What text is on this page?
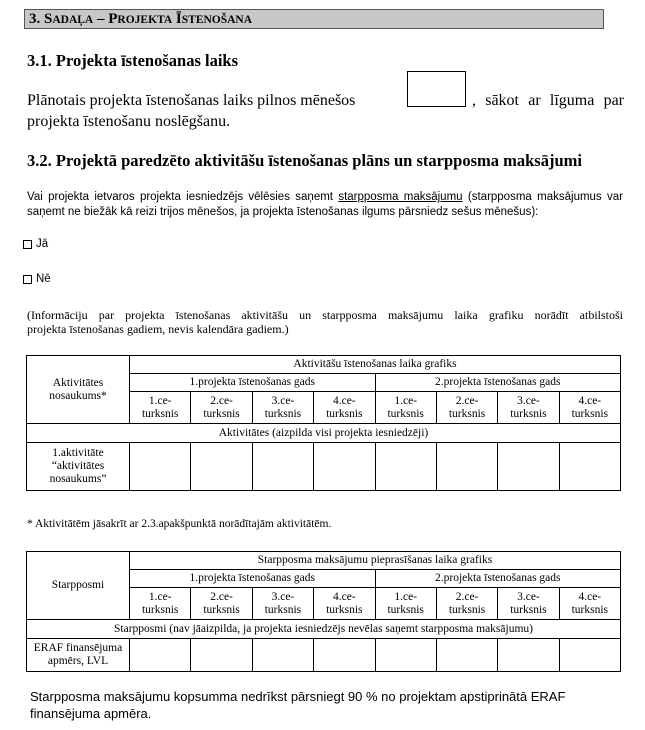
3. SADAĻA – PROJEKTA ĪSTENOŠANA
3.1. Projekta īstenošanas laiks
Plānotais projekta īstenošanas laiks pilnos mēnešos	, sākot ar līguma par
projekta īstenošanu noslēgšanu.
3.2. Projektā paredzēto aktivitāšu īstenošanas plāns un starpposma maksājumi
Vai projekta ietvaros projekta iesniedzējs vēlēsies saņemt starpposma maksājumu (starpposma maksājumus var
saņemt ne biežāk kā reizi trijos mēnešos, ja projekta īstenošanas ilgums pārsniedz sešus mēnešus):
Jā
Nē
(Informāciju par projekta īstenošanas aktivitāšu un starpposma maksājumu laika grafiku norādīt atbilstoši
projekta īstenošanas gadiem, nevis kalendāra gadiem.)
Aktivitātes
nosaukums*	Aktivitāšu īstenošanas laika grafiks							
	1.projekta īstenošanas gads				2.projekta īstenošanas gads			
	1.ce-
turksnis	2.ce-
turksnis	3.ce-
turksnis	4.ce-
turksnis	1.ce-
turksnis	2.ce-
turksnis	3.ce-
turksnis	4.ce-
turksnis
Aktivitātes (aizpilda visi projekta iesniedzēji)								
1.aktivitāte
“aktivitātes
nosaukums”								
* Aktivitātēm jāsakrīt ar 2.3.apakšpunktā norādītajām aktivitātēm.
Starpposmi	Starpposma maksājumu pieprasīšanas laika grafiks							
	1.projekta īstenošanas gads				2.projekta īstenošanas gads			
	1.ce-
turksnis	2.ce-
turksnis	3.ce-
turksnis	4.ce-
turksnis	1.ce-
turksnis	2.ce-
turksnis	3.ce-
turksnis	4.ce-
turksnis
Starpposmi (nav jāaizpilda, ja projekta iesniedzējs nevēlas saņemt starpposma maksājumu)								
ERAF finansējuma
apmērs, LVL								
Starpposma maksājumu kopsumma nedrīkst pārsniegt 90 % no projektam apstiprinātā ERAF
finansējuma apmēra.
